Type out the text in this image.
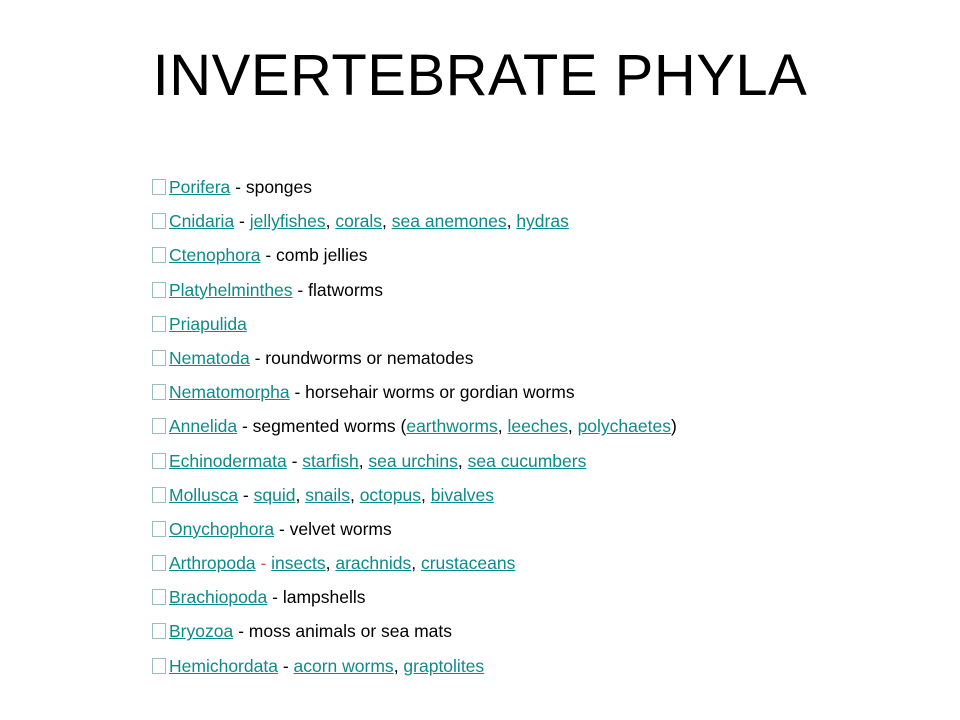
INVERTEBRATE PHYLA
Porifera - sponges
Cnidaria - jellyfishes, corals, sea anemones, hydras
Ctenophora - comb jellies
Platyhelminthes - flatworms
Priapulida
Nematoda - roundworms or nematodes
Nematomorpha - horsehair worms or gordian worms
Annelida - segmented worms (earthworms, leeches, polychaetes)
Echinodermata - starfish, sea urchins, sea cucumbers
Mollusca - squid, snails, octopus, bivalves
Onychophora - velvet worms
Arthropoda - insects, arachnids, crustaceans
Brachiopoda - lampshells
Bryozoa - moss animals or sea mats
Hemichordata - acorn worms, graptolites
